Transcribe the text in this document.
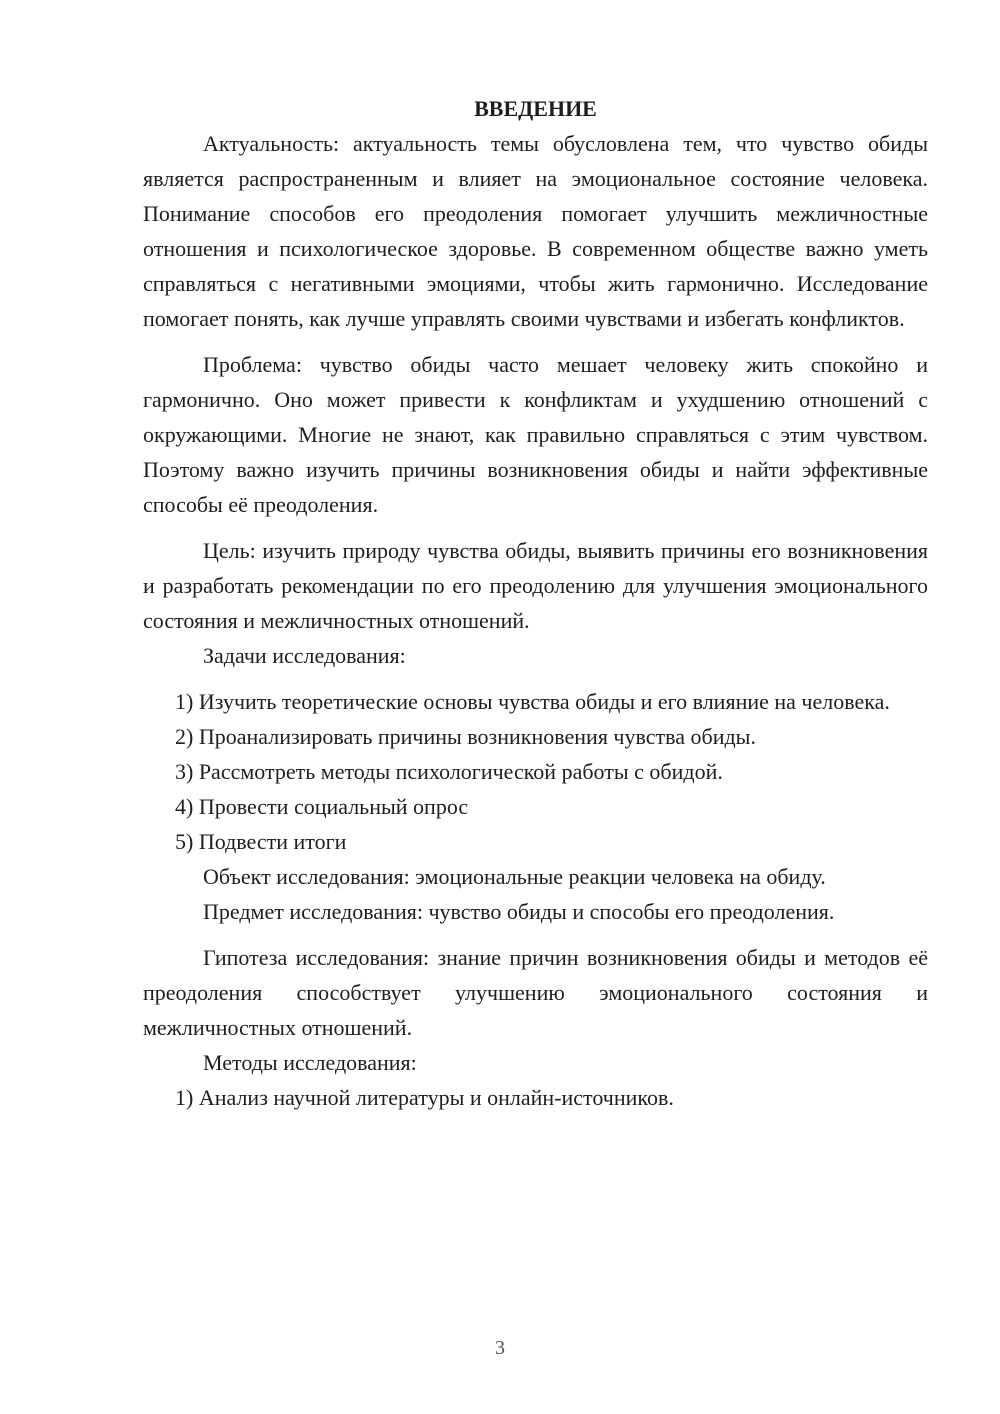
ВВЕДЕНИЕ

Актуальность: актуальность темы обусловлена тем, что чувство обиды является распространенным и влияет на эмоциональное состояние человека. Понимание способов его преодоления помогает улучшить межличностные отношения и психологическое здоровье. В современном обществе важно уметь справляться с негативными эмоциями, чтобы жить гармонично. Исследование помогает понять, как лучше управлять своими чувствами и избегать конфликтов.

Проблема: чувство обиды часто мешает человеку жить спокойно и гармонично. Оно может привести к конфликтам и ухудшению отношений с окружающими. Многие не знают, как правильно справляться с этим чувством. Поэтому важно изучить причины возникновения обиды и найти эффективные способы её преодоления.

Цель: изучить природу чувства обиды, выявить причины его возникновения и разработать рекомендации по его преодолению для улучшения эмоционального состояния и межличностных отношений.

Задачи исследования:

1) Изучить теоретические основы чувства обиды и его влияние на человека.

2) Проанализировать причины возникновения чувства обиды.

3) Рассмотреть методы психологической работы с обидой.

4) Провести социальный опрос

5) Подвести итоги

Объект исследования: эмоциональные реакции человека на обиду.

Предмет исследования: чувство обиды и способы его преодоления.

Гипотеза исследования: знание причин возникновения обиды и методов её преодоления способствует улучшению эмоционального состояния и межличностных отношений.

Методы исследования:

1) Анализ научной литературы и онлайн-источников.

3
